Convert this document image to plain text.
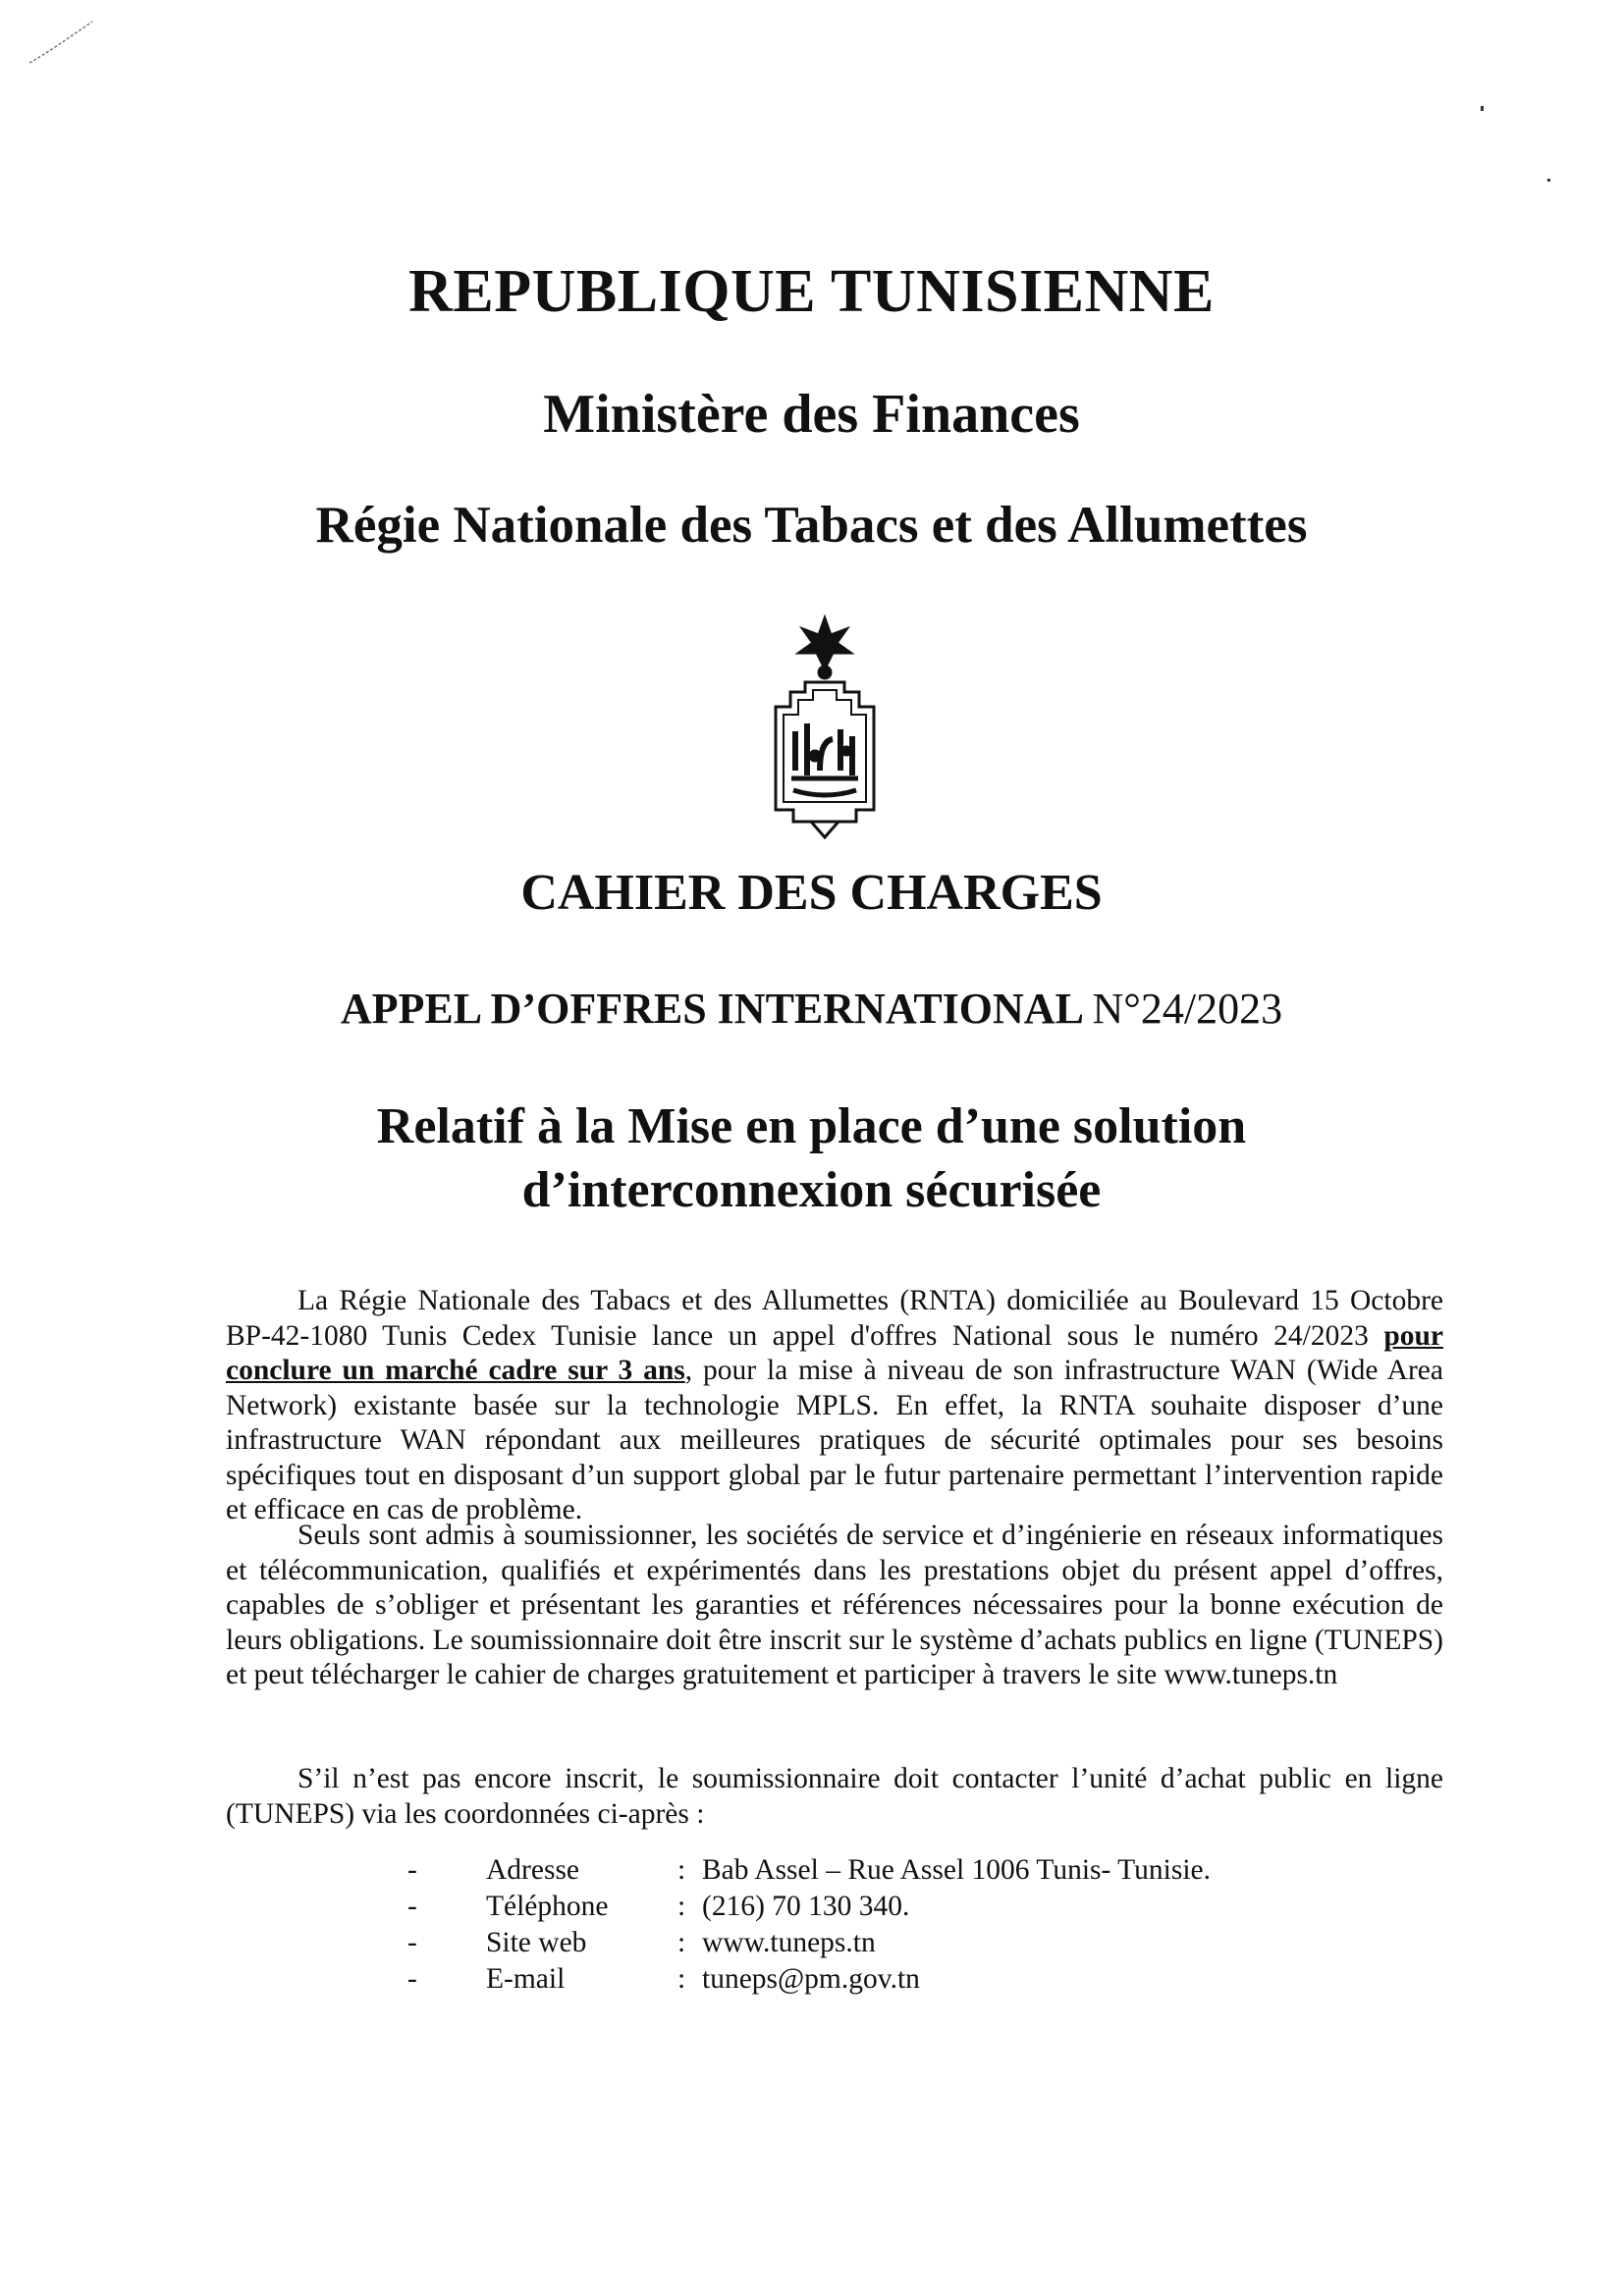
REPUBLIQUE TUNISIENNE
Ministère des Finances
Régie Nationale des Tabacs et des Allumettes
CAHIER DES CHARGES
APPEL D’OFFRES INTERNATIONAL N°24/2023
Relatif à la Mise en place d’une solution
d’interconnexion sécurisée

La Régie Nationale des Tabacs et des Allumettes (RNTA) domiciliée au Boulevard 15 Octobre BP-42-1080 Tunis Cedex Tunisie lance un appel d'offres National sous le numéro 24/2023 pour conclure un marché cadre sur 3 ans, pour la mise à niveau de son infrastructure WAN (Wide Area Network) existante basée sur la technologie MPLS. En effet, la RNTA souhaite disposer d’une infrastructure WAN répondant aux meilleures pratiques de sécurité optimales pour ses besoins spécifiques tout en disposant d’un support global par le futur partenaire permettant l’intervention rapide et efficace en cas de problème.

Seuls sont admis à soumissionner, les sociétés de service et d’ingénierie en réseaux informatiques et télécommunication, qualifiés et expérimentés dans les prestations objet du présent appel d’offres, capables de s’obliger et présentant les garanties et références nécessaires pour la bonne exécution de leurs obligations. Le soumissionnaire doit être inscrit sur le système d’achats publics en ligne (TUNEPS) et peut télécharger le cahier de charges gratuitement et participer à travers le site www.tuneps.tn

S’il n’est pas encore inscrit, le soumissionnaire doit contacter l’unité d’achat public en ligne (TUNEPS) via les coordonnées ci-après :

-	Adresse	: Bab Assel – Rue Assel 1006 Tunis- Tunisie.
-	Téléphone	: (216) 70 130 340.
-	Site web	: www.tuneps.tn
-	E-mail	: tuneps@pm.gov.tn
